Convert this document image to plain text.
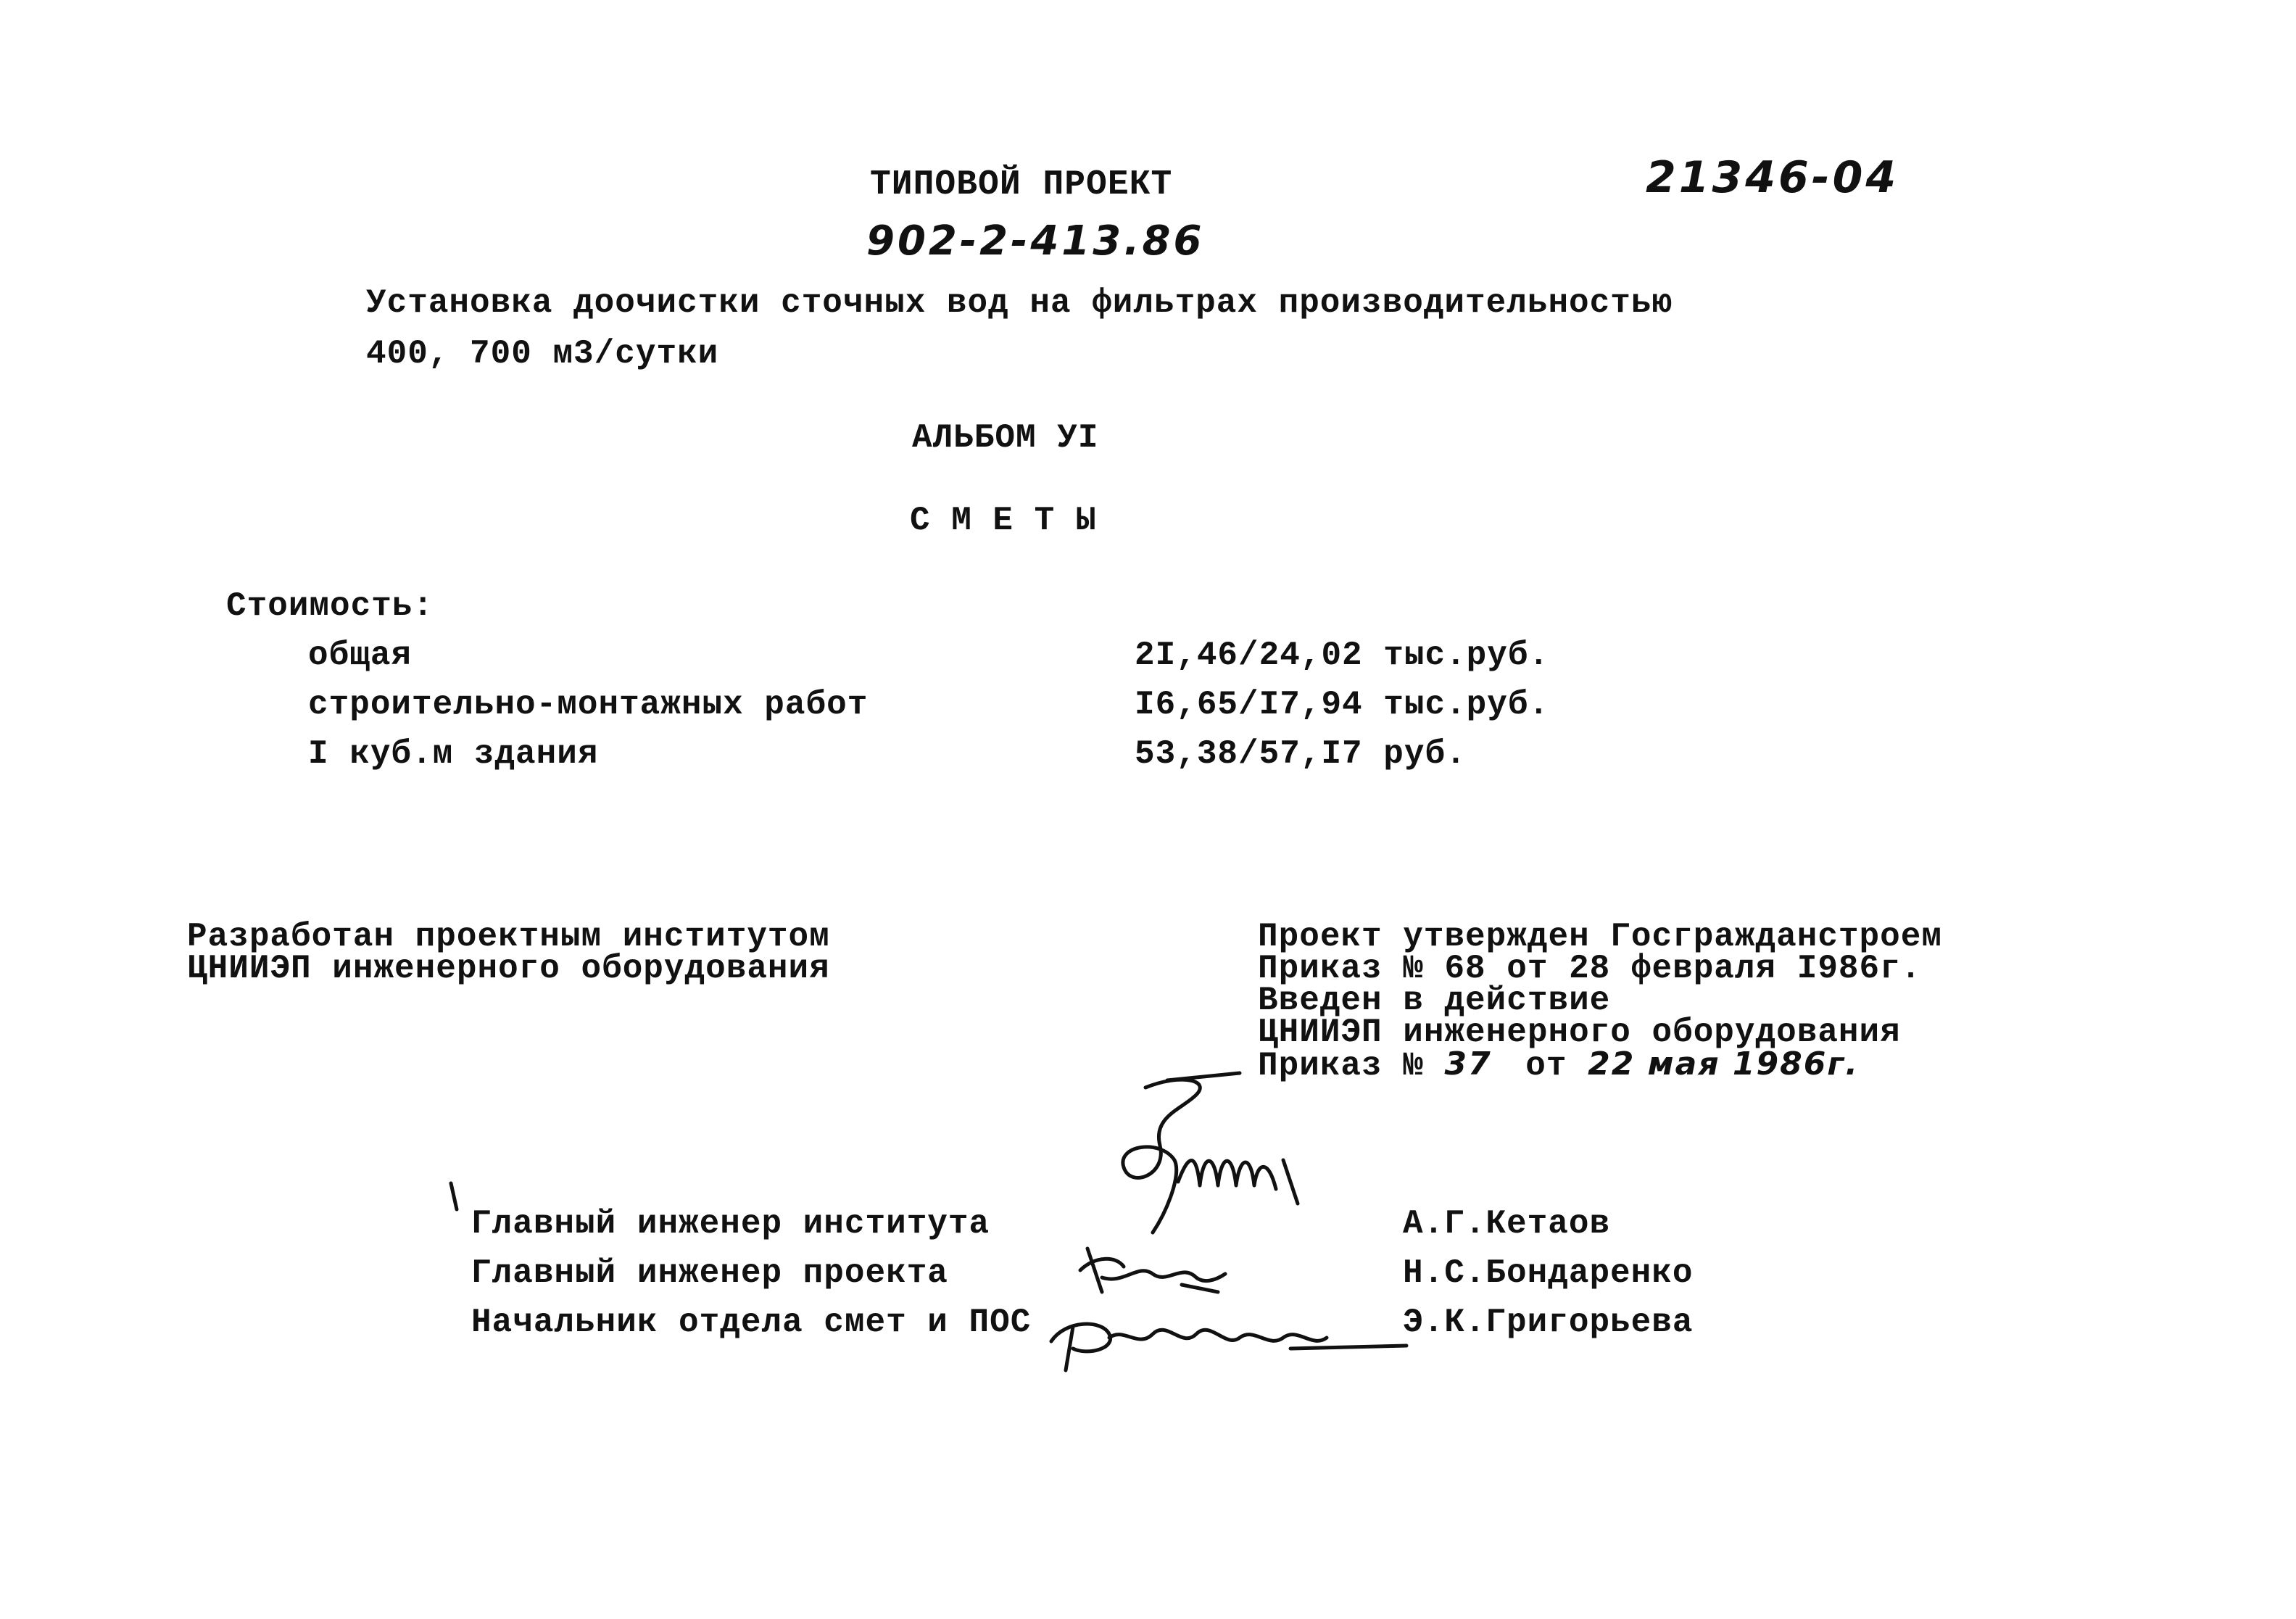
ТИПОВОЙ ПРОЕКТ
902-2-413.86
21346-04
Установка доочистки сточных вод на фильтрах производительностью
400, 700 м3/сутки
АЛЬБОМ УI
С М Е Т Ы
Стоимость:
общая	2I,46/24,02 тыс.руб.
строительно-монтажных работ	I6,65/I7,94 тыс.руб.
I куб.м здания	53,38/57,I7 руб.
Разработан проектным институтом
ЦНИИЭП инженерного оборудования
Проект утвержден Госгражданстроем
Приказ № 68 от 28 февраля I986г.
Введен в действие
ЦНИИЭП инженерного оборудования
Приказ № 37 от 22 мая 1986г.
Главный инженер института	А.Г.Кетаов
Главный инженер проекта	Н.С.Бондаренко
Начальник отдела смет и ПОС	Э.К.Григорьева
